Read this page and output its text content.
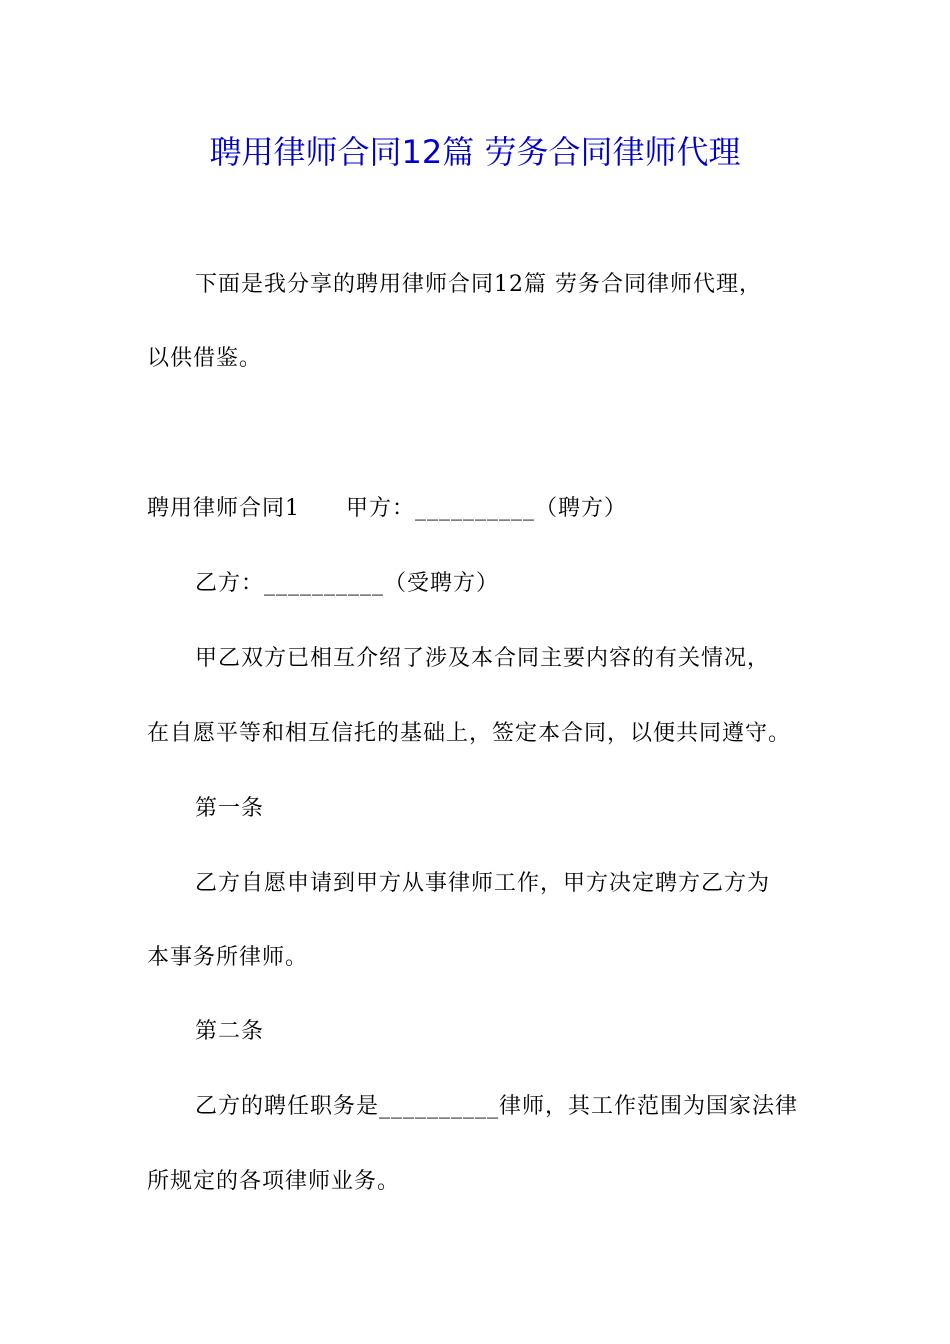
聘用律师合同12篇 劳务合同律师代理
下面是我分享的聘用律师合同12篇 劳务合同律师代理，
以供借鉴。
聘用律师合同1　　甲方：__________（聘方）
乙方：__________（受聘方）
甲乙双方已相互介绍了涉及本合同主要内容的有关情况，
在自愿平等和相互信托的基础上，签定本合同，以便共同遵守。
第一条
乙方自愿申请到甲方从事律师工作，甲方决定聘方乙方为
本事务所律师。
第二条
乙方的聘任职务是__________律师，其工作范围为国家法律
所规定的各项律师业务。
